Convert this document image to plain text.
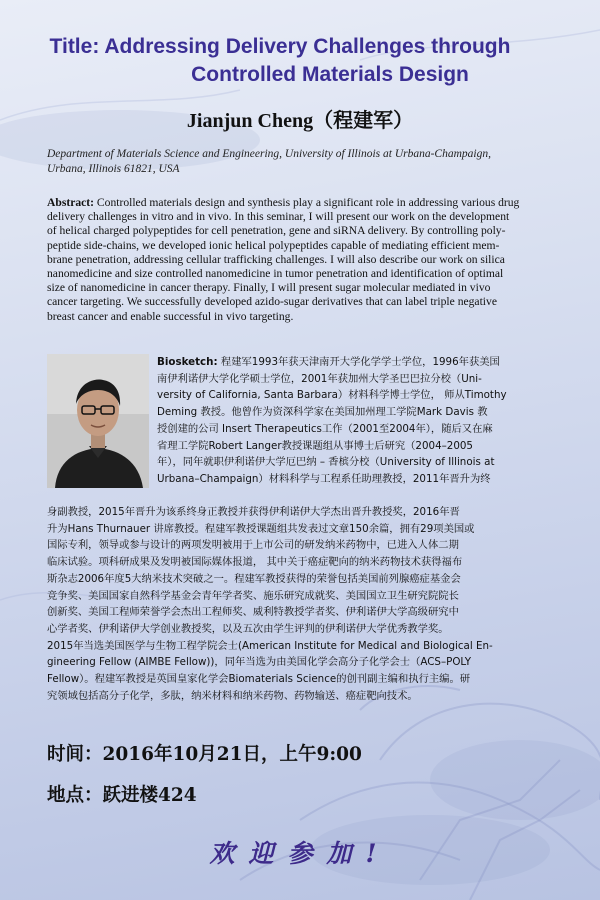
Title: Addressing Delivery Challenges through
Controlled Materials Design
Jianjun Cheng（程建军）
Department of Materials Science and Engineering, University of Illinois at Urbana-Champaign,
Urbana, Illinois 61821, USA
Abstract: Controlled materials design and synthesis play a significant role in addressing various drug
delivery challenges in vitro and in vivo. In this seminar, I will present our work on the development
of helical charged polypeptides for cell penetration, gene and siRNA delivery. By controlling poly-
peptide side-chains, we developed ionic helical polypeptides capable of mediating efficient mem-
brane penetration, addressing cellular trafficking challenges. I will also describe our work on silica
nanomedicine and size controlled nanomedicine in tumor penetration and identification of optimal
size of nanomedicine in cancer therapy. Finally, I will present sugar molecular mediated in vivo
cancer targeting. We successfully developed azido-sugar derivatives that can label triple negative
breast cancer and enable successful in vivo targeting.
Biosketch: 程建军1993年获天津南开大学化学学士学位，1996年获美国
南伊利诺伊大学化学硕士学位，2001年获加州大学圣巴巴拉分校（Uni-
versity of California, Santa Barbara）材料科学博士学位， 师从Timothy
Deming 教授。他曾作为资深科学家在美国加州理工学院Mark Davis 教
授创建的公司 Insert Therapeutics工作（2001至2004年），随后又在麻
省理工学院Robert Langer教授课题组从事博士后研究（2004–2005
年），同年就职伊利诺伊大学厄巴纳 – 香槟分校（University of Illinois at
Urbana–Champaign）材料科学与工程系任助理教授，2011年晋升为终
身副教授，2015年晋升为该系终身正教授并获得伊利诺伊大学杰出晋升教授奖，2016年晋
升为Hans Thurnauer 讲席教授。程建军教授课题组共发表过文章150余篇，拥有29项美国或
国际专利，领导或参与设计的两项发明被用于上市公司的研发纳米药物中，已进入人体二期
临床试验。项科研成果及发明被国际媒体报道， 其中关于癌症靶向的纳米药物技术获得福布
斯杂志2006年度5大纳米技术突破之一。程建军教授获得的荣誉包括美国前列腺癌症基金会
竞争奖、美国国家自然科学基金会青年学者奖、施乐研究成就奖、美国国立卫生研究院院长
创新奖、美国工程师荣誉学会杰出工程师奖、威利特教授学者奖、伊利诺伊大学高级研究中
心学者奖、伊利诺伊大学创业教授奖，以及五次由学生评判的伊利诺伊大学优秀教学奖。
2015年当选美国医学与生物工程学院会士(American Institute for Medical and Biological En-
gineering Fellow (AIMBE Fellow))，同年当选为由美国化学会高分子化学会士（ACS–POLY
Fellow）。程建军教授是英国皇家化学会Biomaterials Science的创刊副主编和执行主编。研
究领域包括高分子化学，多肽，纳米材料和纳米药物、药物输送、癌症靶向技术。
时间：2016年10月21日，上午9:00
地点：跃进楼424
欢迎参加!
